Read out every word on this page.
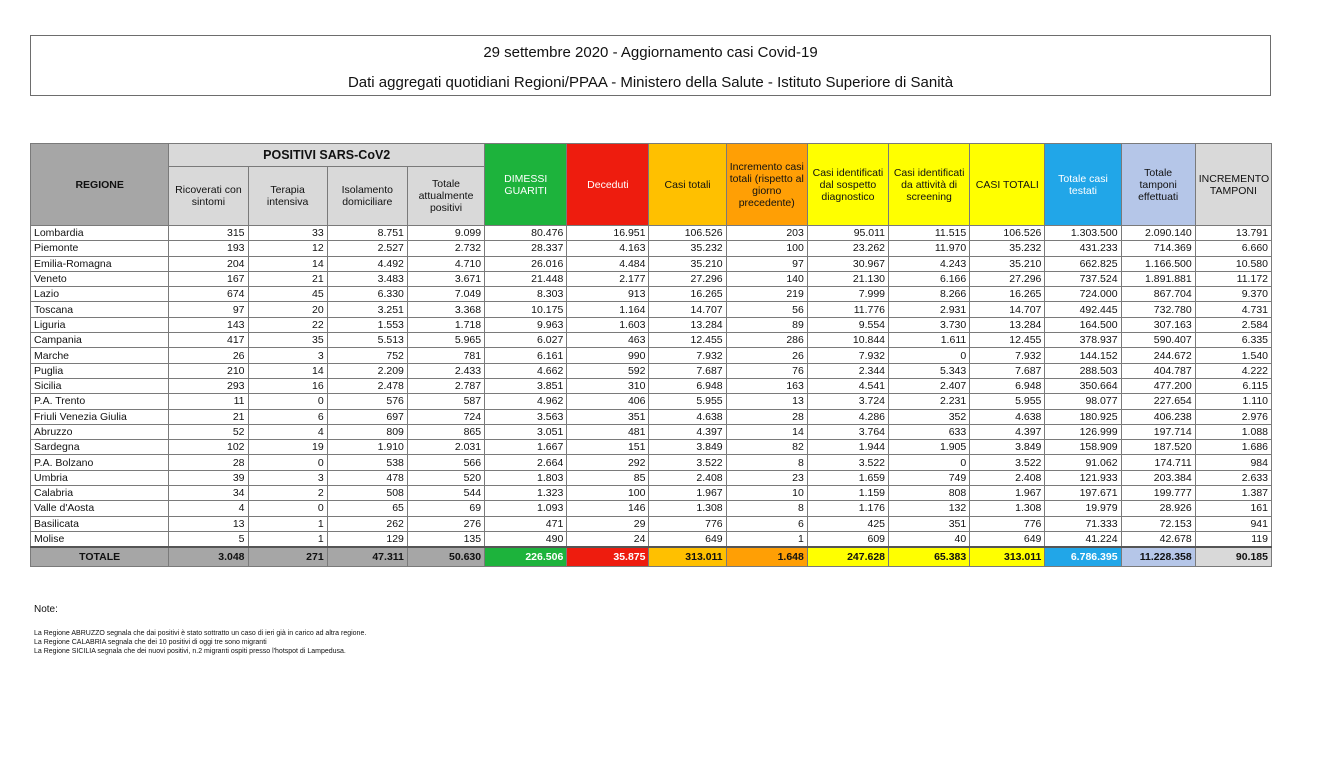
29 settembre 2020 - Aggiornamento casi Covid-19
Dati aggregati quotidiani Regioni/PPAA - Ministero della Salute - Istituto Superiore di Sanità
REGIONE	POSITIVI SARS-CoV2				DIMESSI GUARITI	Deceduti	Casi totali	Incremento casi totali (rispetto al giorno precedente)	Casi identificati dal sospetto diagnostico	Casi identificati da attività di screening	CASI TOTALI	Totale casi testati	Totale tamponi effettuati	INCREMENTO TAMPONI
	Ricoverati con sintomi	Terapia intensiva	Isolamento domiciliare	Totale attualmente positivi										
Lombardia	315	33	8.751	9.099	80.476	16.951	106.526	203	95.011	11.515	106.526	1.303.500	2.090.140	13.791
Piemonte	193	12	2.527	2.732	28.337	4.163	35.232	100	23.262	11.970	35.232	431.233	714.369	6.660
Emilia-Romagna	204	14	4.492	4.710	26.016	4.484	35.210	97	30.967	4.243	35.210	662.825	1.166.500	10.580
Veneto	167	21	3.483	3.671	21.448	2.177	27.296	140	21.130	6.166	27.296	737.524	1.891.881	11.172
Lazio	674	45	6.330	7.049	8.303	913	16.265	219	7.999	8.266	16.265	724.000	867.704	9.370
Toscana	97	20	3.251	3.368	10.175	1.164	14.707	56	11.776	2.931	14.707	492.445	732.780	4.731
Liguria	143	22	1.553	1.718	9.963	1.603	13.284	89	9.554	3.730	13.284	164.500	307.163	2.584
Campania	417	35	5.513	5.965	6.027	463	12.455	286	10.844	1.611	12.455	378.937	590.407	6.335
Marche	26	3	752	781	6.161	990	7.932	26	7.932	0	7.932	144.152	244.672	1.540
Puglia	210	14	2.209	2.433	4.662	592	7.687	76	2.344	5.343	7.687	288.503	404.787	4.222
Sicilia	293	16	2.478	2.787	3.851	310	6.948	163	4.541	2.407	6.948	350.664	477.200	6.115
P.A. Trento	11	0	576	587	4.962	406	5.955	13	3.724	2.231	5.955	98.077	227.654	1.110
Friuli Venezia Giulia	21	6	697	724	3.563	351	4.638	28	4.286	352	4.638	180.925	406.238	2.976
Abruzzo	52	4	809	865	3.051	481	4.397	14	3.764	633	4.397	126.999	197.714	1.088
Sardegna	102	19	1.910	2.031	1.667	151	3.849	82	1.944	1.905	3.849	158.909	187.520	1.686
P.A. Bolzano	28	0	538	566	2.664	292	3.522	8	3.522	0	3.522	91.062	174.711	984
Umbria	39	3	478	520	1.803	85	2.408	23	1.659	749	2.408	121.933	203.384	2.633
Calabria	34	2	508	544	1.323	100	1.967	10	1.159	808	1.967	197.671	199.777	1.387
Valle d'Aosta	4	0	65	69	1.093	146	1.308	8	1.176	132	1.308	19.979	28.926	161
Basilicata	13	1	262	276	471	29	776	6	425	351	776	71.333	72.153	941
Molise	5	1	129	135	490	24	649	1	609	40	649	41.224	42.678	119
TOTALE	3.048	271	47.311	50.630	226.506	35.875	313.011	1.648	247.628	65.383	313.011	6.786.395	11.228.358	90.185
Note:
La Regione ABRUZZO segnala che dai positivi è stato sottratto un caso di ieri già in carico ad altra regione.
La Regione CALABRIA segnala che dei 10 positivi di oggi tre sono migranti
La Regione SICILIA segnala che dei nuovi positivi, n.2 migranti ospiti presso l'hotspot di Lampedusa.
